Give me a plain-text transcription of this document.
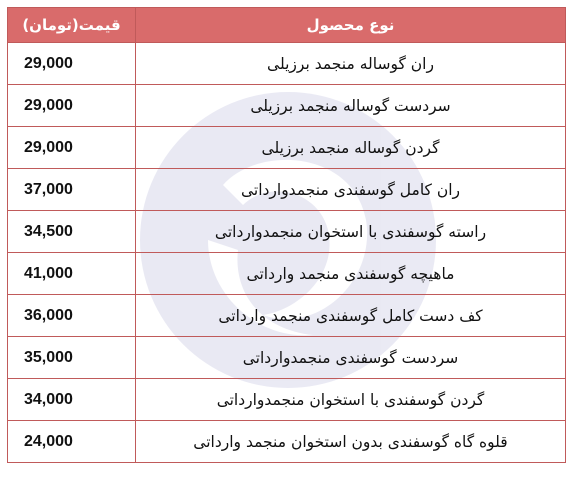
قیمت(تومان)	نوع محصول
29,000	ران گوساله منجمد برزیلی
29,000	سردست گوساله منجمد برزیلی
29,000	گردن گوساله منجمد برزیلی
37,000	ران کامل گوسفندی منجمدوارداتی
34,500	راسته گوسفندی با استخوان منجمدوارداتی
41,000	ماهیچه گوسفندی منجمد وارداتی
36,000	کف دست کامل گوسفندی منجمد وارداتی
35,000	سردست گوسفندی منجمدوارداتی
34,000	گردن گوسفندی با استخوان منجمدوارداتی
24,000	قلوه گاه گوسفندی بدون استخوان منجمد وارداتی
